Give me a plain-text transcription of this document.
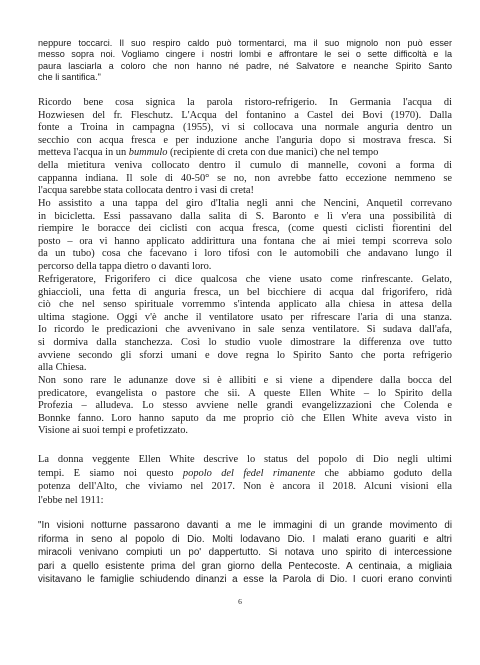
neppure toccarci. Il suo respiro caldo può tormentarci, ma il suo mignolo non può esser
messo sopra noi. Vogliamo cingere i nostri lombi e affrontare le sei o sette difficoltà e la
paura lasciarla a coloro che non hanno né padre, né Salvatore e neanche Spirito Santo
che li santifica."
Ricordo bene cosa signica la parola ristoro-refrigerio. In Germania l'acqua di
Hozwiesen del fr. Fleschutz. L'Acqua del fontanino a Castel dei Bovi (1970). Dalla
fonte a Troina in campagna (1955), vi si collocava una normale anguria dentro un
secchio con acqua fresca e per induzione anche l'anguria dopo si mostrava fresca. Si
metteva l'acqua in un bummulo (recipiente di creta con due manici) che nel tempo
della mietitura veniva collocato dentro il cumulo di mannelle, covoni a forma di
cappanna indiana. Il sole di 40-50° se no, non avrebbe fatto eccezione nemmeno se
l'acqua sarebbe stata collocata dentro i vasi di creta!
Ho assistito a una tappa del giro d'Italia negli anni che Nencini, Anquetil correvano
in bicicletta. Essi passavano dalla salita di S. Baronto e lì v'era una possibilità di
riempire le boracce dei ciclisti con acqua fresca, (come questi ciclisti fiorentini del
posto – ora vi hanno applicato addirittura una fontana che ai miei tempi scorreva solo
da un tubo) cosa che facevano i loro tifosi con le automobili che andavano lungo il
percorso della tappa dietro o davanti loro.
Refrigeratore, Frigorifero ci dice qualcosa che viene usato come rinfrescante. Gelato,
ghiaccioli, una fetta di anguria fresca, un bel bicchiere di acqua dal frigorifero, ridà
ciò che nel senso spirituale vorremmo s'intenda applicato alla chiesa in attesa della
ultima stagione. Oggi v'è anche il ventilatore usato per rifrescare l'aria di una stanza.
Io ricordo le predicazioni che avvenivano in sale senza ventilatore. Si sudava dall'afa,
si dormiva dalla stanchezza. Così lo studio vuole dimostrare la differenza ove tutto
avviene secondo gli sforzi umani e dove regna lo Spirito Santo che porta refrigerio
alla Chiesa.
Non sono rare le adunanze dove si è allibiti e si viene a dipendere dalla bocca del
predicatore, evangelista o pastore che sii. A queste Ellen White – lo Spirito della
Profezia – alludeva. Lo stesso avviene nelle grandi evangelizzazioni che Colenda e
Bonnke fanno. Loro hanno saputo da me proprio ciò che Ellen White aveva visto in
Visione ai suoi tempi e profetizzato.
La donna veggente Ellen White descrive lo status del popolo di Dio negli ultimi
tempi. E siamo noi questo popolo del fedel rimanente che abbiamo goduto della
potenza dell'Alto, che viviamo nel 2017. Non è ancora il 2018. Alcuni visioni ella
l'ebbe nel 1911:
"In visioni notturne passarono davanti a me le immagini di un grande movimento di
riforma in seno al popolo di Dio. Molti lodavano Dio. I malati erano guariti e altri
miracoli venivano compiuti un po' dappertutto. Si notava uno spirito di intercessione
pari a quello esistente prima del gran giorno della Pentecoste. A centinaia, a migliaia
visitavano le famiglie schiudendo dinanzi a esse la Parola di Dio. I cuori erano convinti
6
